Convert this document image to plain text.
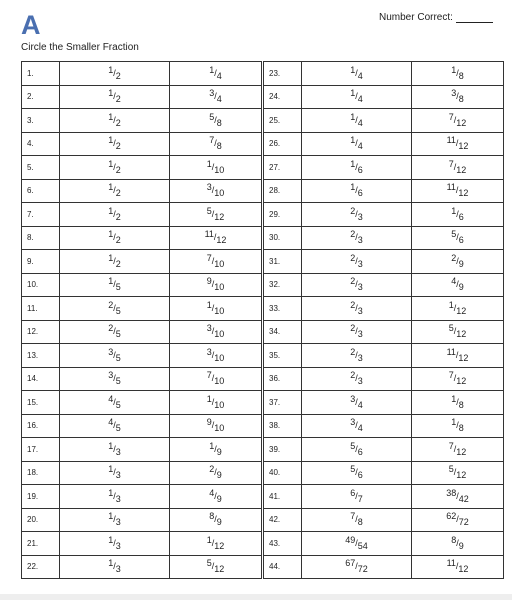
A	Number Correct:
Circle the Smaller Fraction
1.	1/2	1/4
2.	1/2	3/4
3.	1/2	5/8
4.	1/2	7/8
5.	1/2	1/10
6.	1/2	3/10
7.	1/2	5/12
8.	1/2	11/12
9.	1/2	7/10
10.	1/5	9/10
11.	2/5	1/10
12.	2/5	3/10
13.	3/5	3/10
14.	3/5	7/10
15.	4/5	1/10
16.	4/5	9/10
17.	1/3	1/9
18.	1/3	2/9
19.	1/3	4/9
20.	1/3	8/9
21.	1/3	1/12
22.	1/3	5/12
23.	1/4	1/8
24.	1/4	3/8
25.	1/4	7/12
26.	1/4	11/12
27.	1/6	7/12
28.	1/6	11/12
29.	2/3	1/6
30.	2/3	5/6
31.	2/3	2/9
32.	2/3	4/9
33.	2/3	1/12
34.	2/3	5/12
35.	2/3	11/12
36.	2/3	7/12
37.	3/4	1/8
38.	3/4	1/8
39.	5/6	7/12
40.	5/6	5/12
41.	6/7	38/42
42.	7/8	62/72
43.	49/54	8/9
44.	67/72	11/12
